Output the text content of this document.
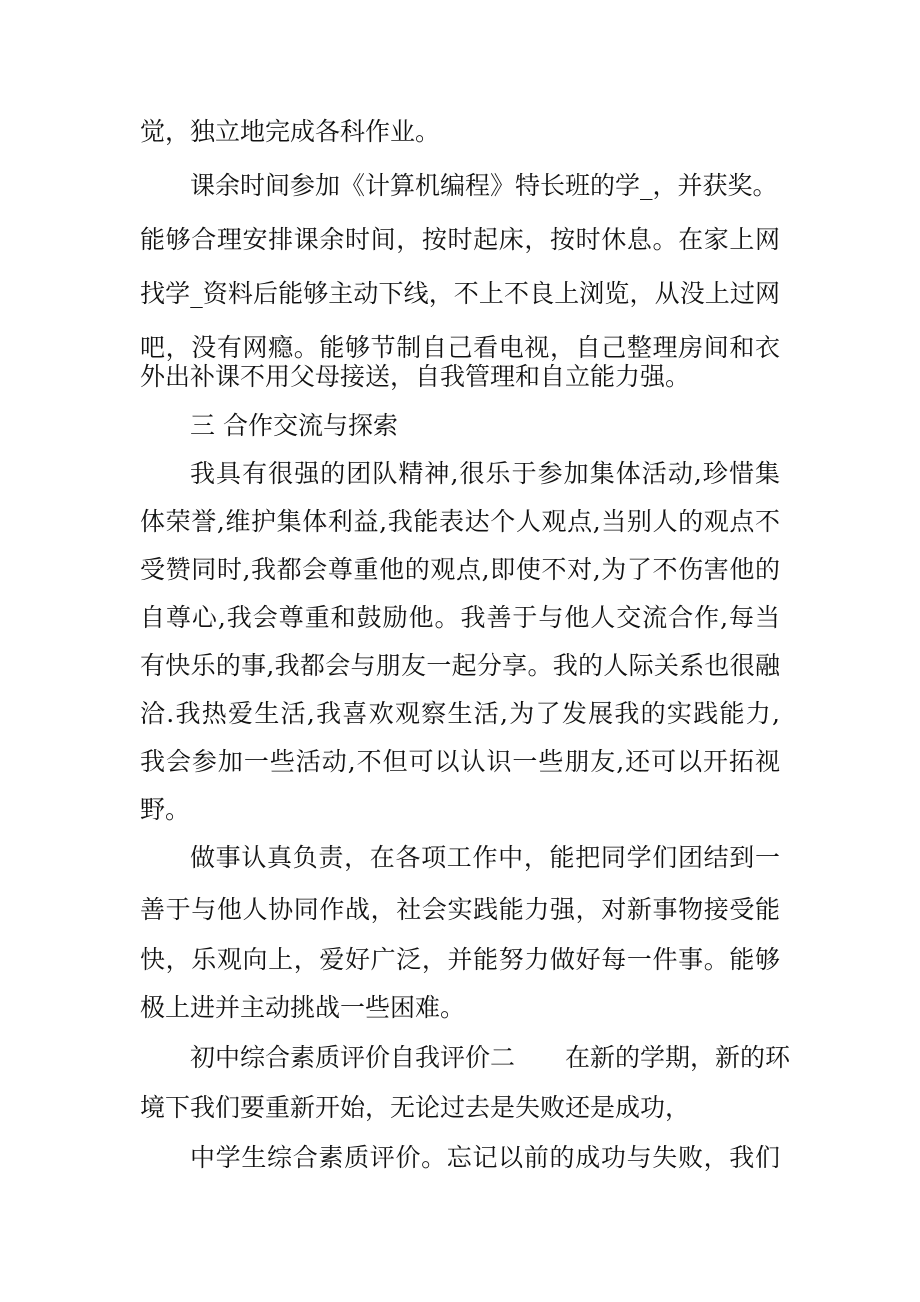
觉，独立地完成各科作业。
课余时间参加《计算机编程》特长班的学_，并获奖。
能够合理安排课余时间，按时起床，按时休息。在家上网
找学_资料后能够主动下线，不上不良上浏览，从没上过网
吧，没有网瘾。能够节制自己看电视，自己整理房间和衣
外出补课不用父母接送，自我管理和自立能力强。
三 合作交流与探索
我具有很强的团队精神,很乐于参加集体活动,珍惜集
体荣誉,维护集体利益,我能表达个人观点,当别人的观点不
受赞同时,我都会尊重他的观点,即使不对,为了不伤害他的
自尊心,我会尊重和鼓励他。我善于与他人交流合作,每当
有快乐的事,我都会与朋友一起分享。我的人际关系也很融
洽.我热爱生活,我喜欢观察生活,为了发展我的实践能力,
我会参加一些活动,不但可以认识一些朋友,还可以开拓视
野。
做事认真负责，在各项工作中，能把同学们团结到一
善于与他人协同作战，社会实践能力强，对新事物接受能
快，乐观向上，爱好广泛，并能努力做好每一件事。能够
极上进并主动挑战一些困难。
初中综合素质评价自我评价二　　在新的学期，新的环
境下我们要重新开始，无论过去是失败还是成功，
中学生综合素质评价。忘记以前的成功与失败，我们
